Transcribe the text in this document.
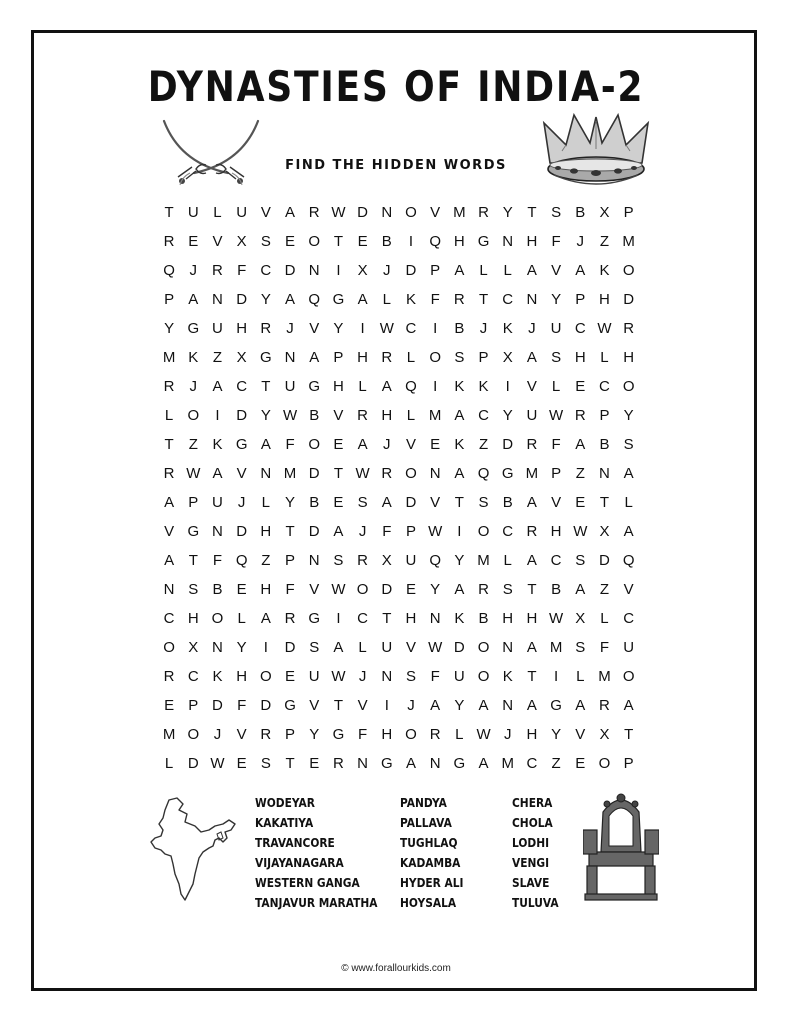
DYNASTIES OF INDIA-2
FIND THE HIDDEN WORDS
T U L U V A R W D N O V M R Y T S B X P
R E V X S E O T E B	I	Q H G N H F	J	Z M
Q J	R F C D N	I	X	J	D P A	L	L	A V A K O
P A N D Y A Q G A	L	K F R T C N Y P H D
Y G U H R	J	V Y	I	W C	I	B	J	K	J	U C W R
M K Z X G N A P H R L O S P X A S H L H
R	J	A C T U G H L	A Q	I	K K	I	V	L	E C O
L O	I	D Y W B V R H L M A C Y U W R P Y
T	Z K G A F O E A	J	V E K Z D R F A B S
R W A V N M D T W R O N A Q G M P Z N A
A P U	J	L	Y B E S A D V T S B A V E T	L
V G N D H T D A	J	F P W	I	O C R H W X A
A T	F Q Z P N S R X U Q Y M L	A C S D Q
N S B E H F V W O D E Y A R S T B A Z V
C H O L	A R G	I	C T H N K B H H W X	L C
O X N Y	I	D S A	L U V W D O N A M S F U
R C K H O E U W J	N S F U O K T	I	L M O
E P D F D G V T V	I	J	A Y A N A G A R A
M O J	V R P Y G F H O R L W J	H Y V X T
L D W E S T E R N G A N G A M C Z E O P
WODEYAR
KAKATIYA
TRAVANCORE
VIJAYANAGARA
WESTERN GANGA
TANJAVUR MARATHA
PANDYA
PALLAVA
TUGHLAQ
KADAMBA
HYDER ALI
HOYSALA
CHERA
CHOLA
LODHI
VENGI
SLAVE
TULUVA
© www.forallourkids.com
